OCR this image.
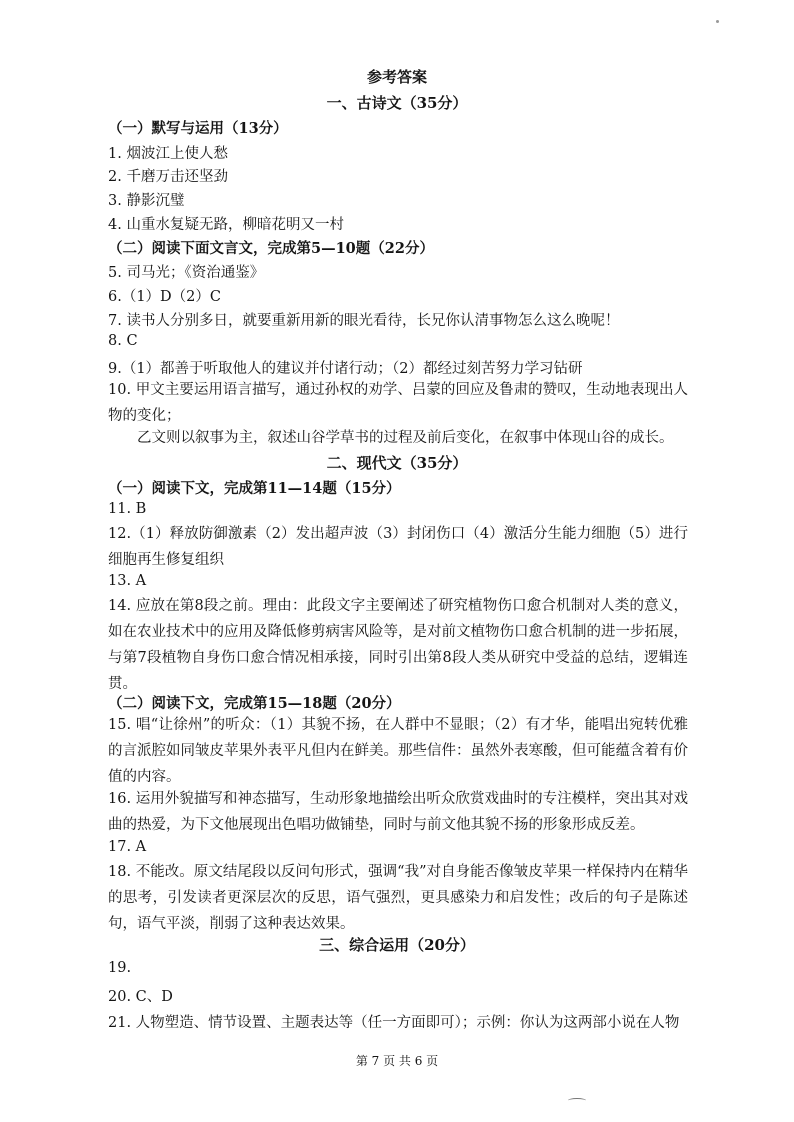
参考答案
一、古诗文（35分）
（一）默写与运用（13分）
1. 烟波江上使人愁
2. 千磨万击还坚劲
3. 静影沉璧
4. 山重水复疑无路，柳暗花明又一村
（二）阅读下面文言文，完成第5—10题（22分）
5. 司马光；《资治通鉴》
6.（1）D（2）C
7. 读书人分别多日，就要重新用新的眼光看待，长兄你认清事物怎么这么晚呢！
8. C
9.（1）都善于听取他人的建议并付诸行动；（2）都经过刻苦努力学习钻研
10. 甲文主要运用语言描写，通过孙权的劝学、吕蒙的回应及鲁肃的赞叹，生动地表现出人物的变化；
乙文则以叙事为主，叙述山谷学草书的过程及前后变化，在叙事中体现山谷的成长。
二、现代文（35分）
（一）阅读下文，完成第11—14题（15分）
11. B
12.（1）释放防御激素（2）发出超声波（3）封闭伤口（4）激活分生能力细胞（5）进行细胞再生修复组织
13. A
14. 应放在第8段之前。理由：此段文字主要阐述了研究植物伤口愈合机制对人类的意义，如在农业技术中的应用及降低修剪病害风险等，是对前文植物伤口愈合机制的进一步拓展，与第7段植物自身伤口愈合情况相承接，同时引出第8段人类从研究中受益的总结，逻辑连贯。
（二）阅读下文，完成第15—18题（20分）
15. 唱“让徐州”的听众：（1）其貌不扬，在人群中不显眼；（2）有才华，能唱出宛转优雅的言派腔如同皱皮苹果外表平凡但内在鲜美。那些信件：虽然外表寒酸，但可能蕴含着有价值的内容。
16. 运用外貌描写和神态描写，生动形象地描绘出听众欣赏戏曲时的专注模样，突出其对戏曲的热爱，为下文他展现出色唱功做铺垫，同时与前文他其貌不扬的形象形成反差。
17. A
18. 不能改。原文结尾段以反问句形式，强调“我”对自身能否像皱皮苹果一样保持内在精华的思考，引发读者更深层次的反思，语气强烈，更具感染力和启发性；改后的句子是陈述句，语气平淡，削弱了这种表达效果。
三、综合运用（20分）
19.
20. C、D
21. 人物塑造、情节设置、主题表达等（任一方面即可）；示例：你认为这两部小说在人物
第 7 页 共 6 页
